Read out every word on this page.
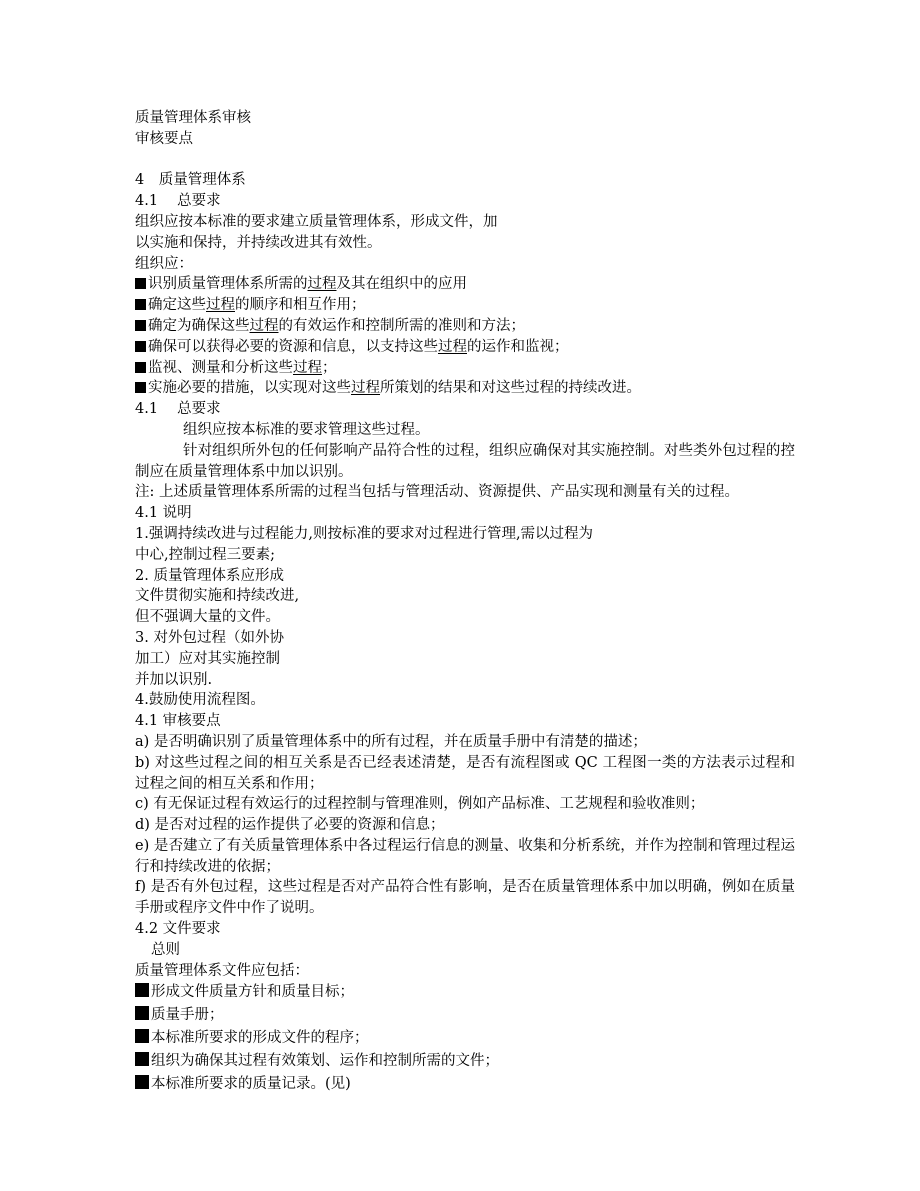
质量管理体系审核
审核要点
4　质量管理体系
4.1　 总要求
组织应按本标准的要求建立质量管理体系，形成文件，加
以实施和保持，并持续改进其有效性。
组织应：
识别质量管理体系所需的过程及其在组织中的应用
确定这些过程的顺序和相互作用；
确定为确保这些过程的有效运作和控制所需的准则和方法；
确保可以获得必要的资源和信息，以支持这些过程的运作和监视；
监视、测量和分析这些过程；
实施必要的措施，以实现对这些过程所策划的结果和对这些过程的持续改进。
4.1　 总要求
组织应按本标准的要求管理这些过程。
针对组织所外包的任何影响产品符合性的过程，组织应确保对其实施控制。对些类外包过程的控制应在质量管理体系中加以识别。
注: 上述质量管理体系所需的过程当包括与管理活动、资源提供、产品实现和测量有关的过程。
4.1 说明
1.强调持续改进与过程能力,则按标准的要求对过程进行管理,需以过程为
中心,控制过程三要素;
2. 质量管理体系应形成
文件贯彻实施和持续改进,
但不强调大量的文件。
3. 对外包过程（如外协
加工）应对其实施控制
并加以识别.
4.鼓励使用流程图。
4.1 审核要点
a) 是否明确识别了质量管理体系中的所有过程，并在质量手册中有清楚的描述；
b) 对这些过程之间的相互关系是否已经表述清楚，是否有流程图或 QC 工程图一类的方法表示过程和过程之间的相互关系和作用；
c) 有无保证过程有效运行的过程控制与管理准则，例如产品标准、工艺规程和验收准则；
d) 是否对过程的运作提供了必要的资源和信息；
e) 是否建立了有关质量管理体系中各过程运行信息的测量、收集和分析系统，并作为控制和管理过程运行和持续改进的依据；
f) 是否有外包过程，这些过程是否对产品符合性有影响，是否在质量管理体系中加以明确，例如在质量手册或程序文件中作了说明。
4.2 文件要求
总则
质量管理体系文件应包括：
形成文件质量方针和质量目标；
质量手册；
本标准所要求的形成文件的程序；
组织为确保其过程有效策划、运作和控制所需的文件；
本标准所要求的质量记录。(见)
